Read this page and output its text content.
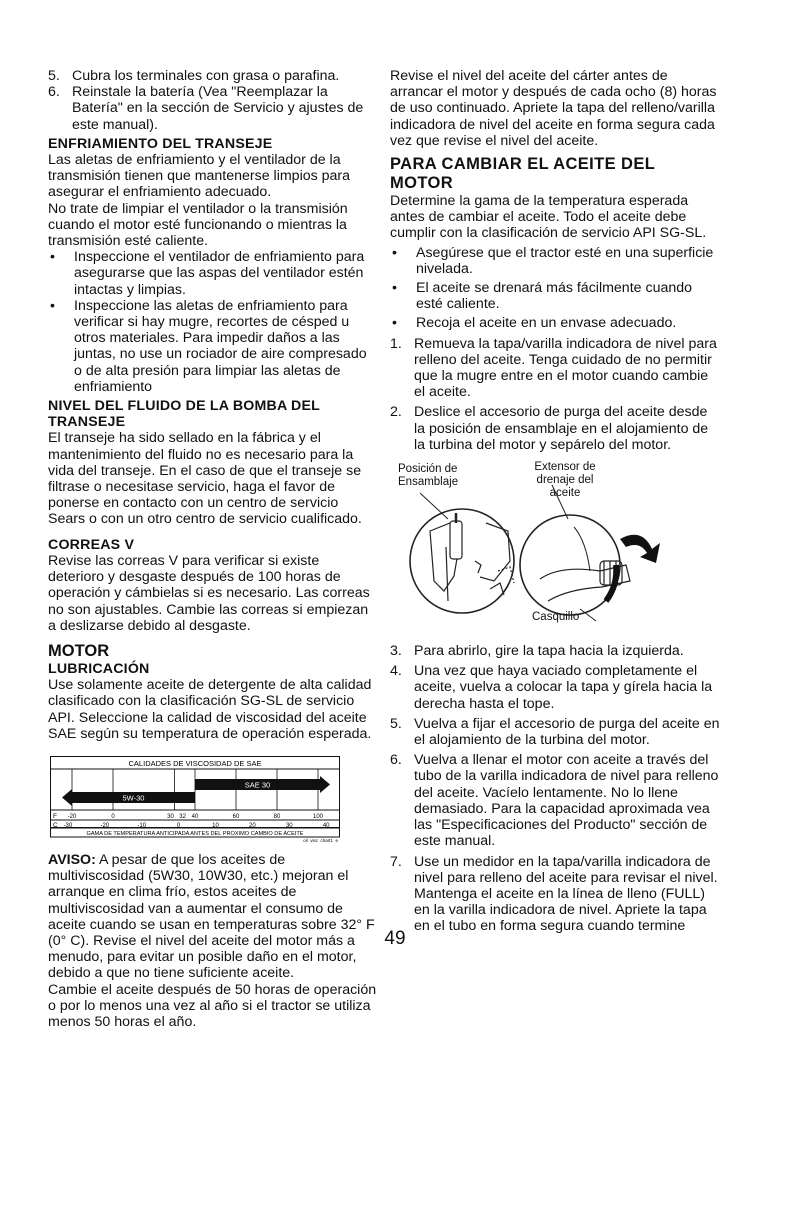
5. Cubra los terminales con grasa o parafina.
6. Reinstale la batería (Vea "Reemplazar la Batería" en la sección de Servicio y ajustes de este manual).

ENFRIAMIENTO DEL TRANSEJE

Las aletas de enfriamiento y el ventilador de la transmisión tienen que mantenerse limpios para asegurar el enfriamiento adecuado.

No trate de limpiar el ventilador o la transmisión cuando el motor esté funcionando o mientras la transmisión esté caliente.

•	Inspeccione el ventilador de enfriamiento para asegurarse que las aspas del ventilador estén intactas y limpias.
•	Inspeccione las aletas de enfriamiento para verificar si hay mugre, recortes de césped u otros materiales. Para impedir daños a las juntas, no use un rociador de aire compresado o de alta presión para limpiar las aletas de enfriamiento

NIVEL DEL FLUIDO DE LA BOMBA DEL TRANSEJE

El transeje ha sido sellado en la fábrica y el mantenimiento del fluido no es necesario para la vida del transeje. En el caso de que el transeje se filtrase o necesitase servicio, haga el favor de ponerse en contacto con un centro de servicio Sears o con un otro centro de servicio cualificado.

CORREAS V

Revise las correas V para verificar si existe deterioro y desgaste después de 100 horas de operación y cámbielas si es necesario. Las correas no son ajustables. Cambie las correas si empiezan a deslizarse debido al desgaste.

MOTOR

LUBRICACIÓN

Use solamente aceite de detergente de alta calidad clasificado con la clasificación SG-SL de servicio API. Seleccione la calidad de viscosidad del aceite SAE según su temperatura de operación esperada.

CALIDADES DE VISCOSIDAD DE SAE
5W-30
SAE 30
F -20	0	30 32 40	60	80	100
C -30	-20	-10	0	10	20	30	40
GAMA DE TEMPERATURA ANTICIPADA ANTES DEL PROXIMO CAMBIO DE ACEITE
oil_visc_chart1_e

AVISO: A pesar de que los aceites de multiviscosidad (5W30, 10W30, etc.) mejoran el arranque en clima frío, estos aceites de multiviscosidad van a aumentar el consumo de aceite cuando se usan en temperaturas sobre 32° F (0° C). Revise el nivel del aceite del motor más a menudo, para evitar un posible daño en el motor, debido a que no tiene suficiente aceite.

Cambie el aceite después de 50 horas de operación o por lo menos una vez al año si el tractor se utiliza menos 50 horas el año.

Revise el nivel del aceite del cárter antes de arrancar el motor y después de cada ocho (8) horas de uso continuado. Apriete la tapa del relleno/varilla indicadora de nivel del aceite en forma segura cada vez que revise el nivel del aceite.

PARA CAMBIAR EL ACEITE DEL MOTOR

Determine la gama de la temperatura esperada antes de cambiar el aceite. Todo el aceite debe cumplir con la clasificación de servicio API SG-SL.

•	Asegúrese que el tractor esté en una superficie nivelada.
•	El aceite se drenará más fácilmente cuando esté caliente.
•	Recoja el aceite en un envase adecuado.
1. Remueva la tapa/varilla indicadora de nivel para relleno del aceite. Tenga cuidado de no permitir que la mugre entre en el motor cuando cambie el aceite.
2. Deslice el accesorio de purga del aceite desde la posición de ensamblaje en el alojamiento de la turbina del motor y sepárelo del motor.
Posición de Ensamblaje
Extensor de drenaje del aceite
Casquillo
3. Para abrirlo, gire la tapa hacia la izquierda.
4. Una vez que haya vaciado completamente el aceite, vuelva a colocar la tapa y gírela hacia la derecha hasta el tope.
5. Vuelva a fijar el accesorio de purga del aceite en el alojamiento de la turbina del motor.
6. Vuelva a llenar el motor con aceite a través del tubo de la varilla indicadora de nivel para relleno del aceite. Vacíelo lentamente. No lo llene demasiado. Para la capacidad aproximada vea las "Especificaciones del Producto" sección de este manual.
7. Use un medidor en la tapa/varilla indicadora de nivel para relleno del aceite para revisar el nivel. Mantenga el aceite en la línea de lleno (FULL) en la varilla indicadora de nivel. Apriete la tapa en el tubo en forma segura cuando termine
49
